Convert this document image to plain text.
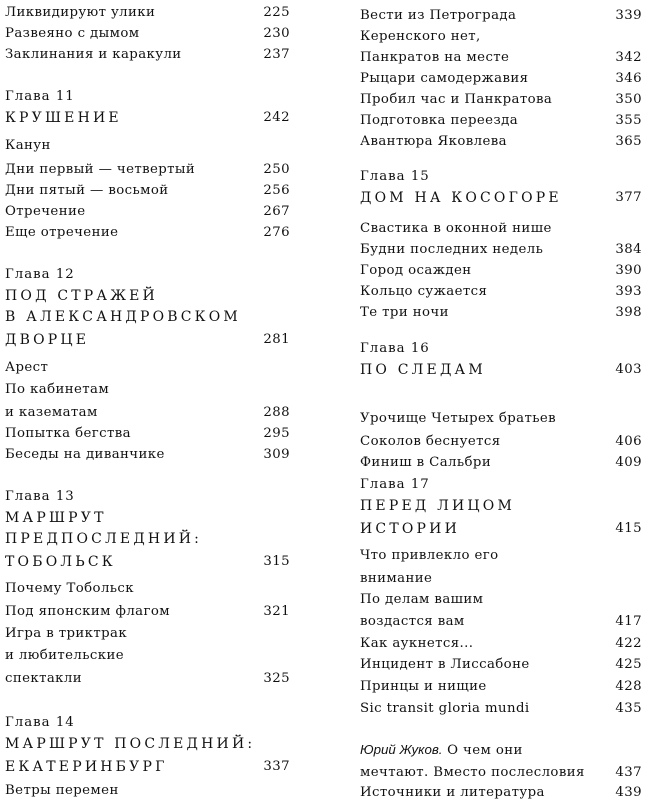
Ликвидируют улики	225
Развеяно с дымом	230
Заклинания и каракули	237
Глава 11
КРУШЕНИЕ	242
Канун
Дни первый — четвертый	250
Дни пятый — восьмой	256
Отречение	267
Еще отречение	276
Глава 12
ПОД СТРАЖЕЙ
В АЛЕКСАНДРОВСКОМ
ДВОРЦЕ	281
Арест
По кабинетам
и казематам	288
Попытка бегства	295
Беседы на диванчике	309
Глава 13
МАРШРУТ
ПРЕДПОСЛЕДНИЙ:
ТОБОЛЬСК	315
Почему Тобольск
Под японским флагом	321
Игра в триктрак
и любительские
спектакли	325
Глава 14
МАРШРУТ ПОСЛЕДНИЙ:
ЕКАТЕРИНБУРГ	337
Ветры перемен
Вести из Петрограда	339
Керенского нет,
Панкратов на месте	342
Рыцари самодержавия	346
Пробил час и Панкратова	350
Подготовка переезда	355
Авантюра Яковлева	365
Глава 15
ДОМ НА КОСОГОРЕ	377
Свастика в оконной нише
Будни последних недель	384
Город осажден	390
Кольцо сужается	393
Те три ночи	398
Глава 16
ПО СЛЕДАМ	403
Урочище Четырех братьев
Соколов беснуется	406
Финиш в Сальбри	409
Глава 17
ПЕРЕД ЛИЦОМ
ИСТОРИИ	415
Что привлекло его
внимание
По делам вашим
воздастся вам	417
Как аукнется...	422
Инцидент в Лиссабоне	425
Принцы и нищие	428
Sic transit gloria mundi	435
Юрий Жуков. О чем они
мечтают. Вместо послесловия 437
Источники и литература	439
